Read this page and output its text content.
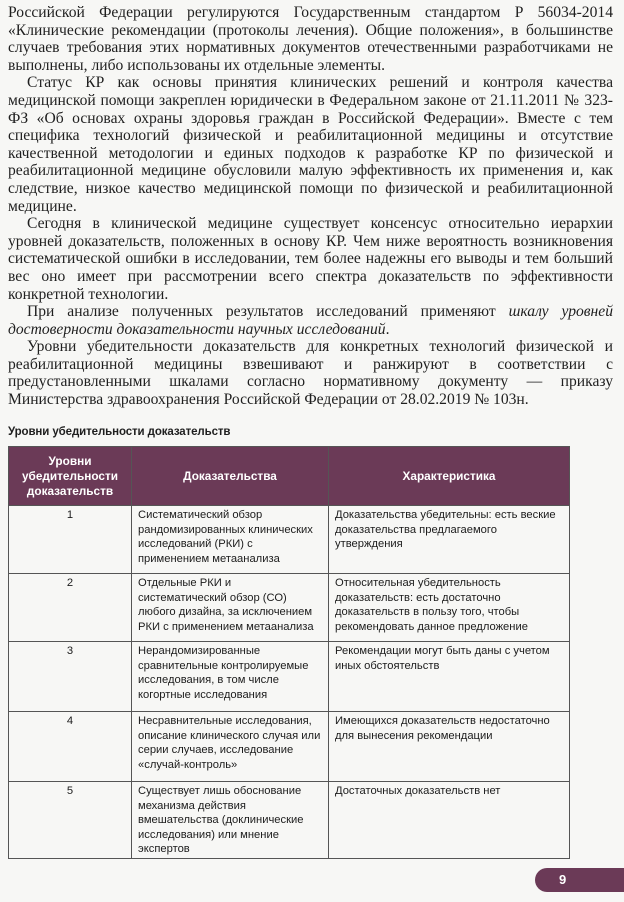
Российской Федерации регулируются Государственным стандартом Р 56034-2014 «Клинические рекомендации (протоколы лечения). Общие положения», в большинстве случаев требования этих нормативных документов отечественными разработчиками не выполнены, либо использованы их отдельные элементы.

Статус КР как основы принятия клинических решений и контроля качества медицинской помощи закреплен юридически в Федеральном законе от 21.11.2011 № 323-ФЗ «Об основах охраны здоровья граждан в Российской Федерации». Вместе с тем специфика технологий физической и реабилитационной медицины и отсутствие качественной методологии и единых подходов к разработке КР по физической и реабилитационной медицине обусловили малую эффективность их применения и, как следствие, низкое качество медицинской помощи по физической и реабилитационной медицине.

Сегодня в клинической медицине существует консенсус относительно иерархии уровней доказательств, положенных в основу КР. Чем ниже вероятность возникновения систематической ошибки в исследовании, тем более надежны его выводы и тем больший вес оно имеет при рассмотрении всего спектра доказательств по эффективности конкретной технологии.

При анализе полученных результатов исследований применяют шкалу уровней достоверности доказательности научных исследований.

Уровни убедительности доказательств для конкретных технологий физической и реабилитационной медицины взвешивают и ранжируют в соответствии с предустановленными шкалами согласно нормативному документу — приказу Министерства здравоохранения Российской Федерации от 28.02.2019 № 103н.

Уровни убедительности доказательств
Уровни убедительности доказательств	Доказательства	Характеристика
1	Систематический обзор рандомизированных клинических исследований (РКИ) с применением метаанализа	Доказательства убедительны: есть веские доказательства предлагаемого утверждения
2	Отдельные РКИ и систематический обзор (СО) любого дизайна, за исключением РКИ с применением метаанализа	Относительная убедительность доказательств: есть достаточно доказательств в пользу того, чтобы рекомендовать данное предложение
3	Нерандомизированные сравнительные контролируемые исследования, в том числе когортные исследования	Рекомендации могут быть даны с учетом иных обстоятельств
4	Несравнительные исследования, описание клинического случая или серии случаев, исследование «случай-контроль»	Имеющихся доказательств недостаточно для вынесения рекомендации
5	Существует лишь обоснование механизма действия вмешательства (доклинические исследования) или мнение экспертов	Достаточных доказательств нет
9
